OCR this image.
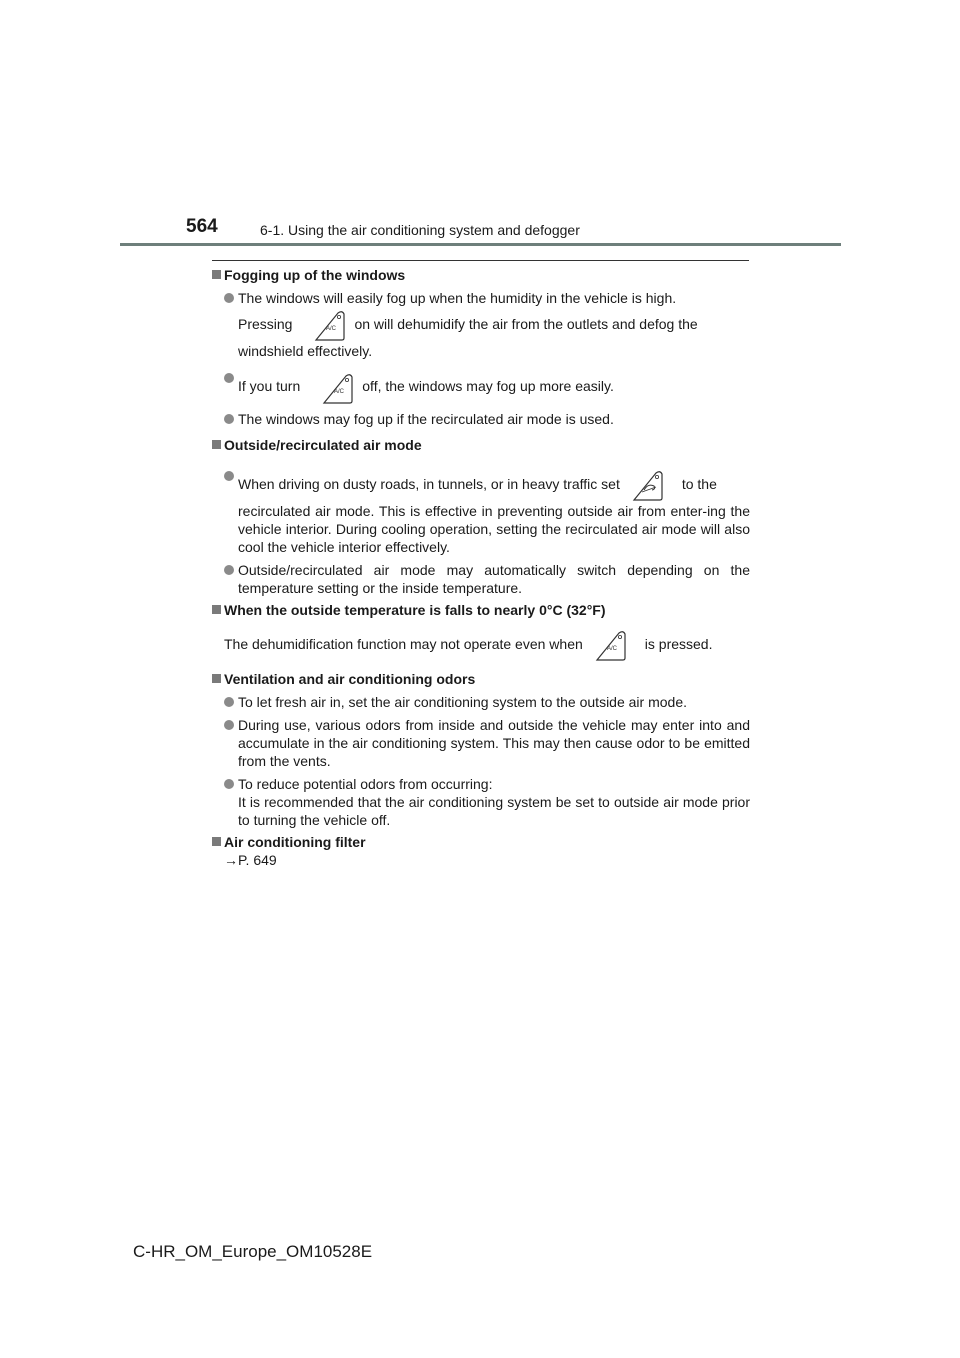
564	6-1. Using the air conditioning system and defogger

Fogging up of the windows

The windows will easily fog up when the humidity in the vehicle is high.
Pressing	A/C on will dehumidify the air from the outlets and defog the
windshield effectively.
If you turn	A/C off, the windows may fog up more easily.
The windows may fog up if the recirculated air mode is used.

Outside/recirculated air mode

When driving on dusty roads, in tunnels, or in heavy traffic set	to the
recirculated air mode. This is effective in preventing outside air from enter-ing the vehicle interior. During cooling operation, setting the recirculated air mode will also cool the vehicle interior effectively.
Outside/recirculated air mode may automatically switch depending on the temperature setting or the inside temperature.

When the outside temperature is falls to nearly 0°C (32°F)

The dehumidification function may not operate even when	A/C is pressed.

Ventilation and air conditioning odors

To let fresh air in, set the air conditioning system to the outside air mode.
During use, various odors from inside and outside the vehicle may enter into and accumulate in the air conditioning system. This may then cause odor to be emitted from the vents.
To reduce potential odors from occurring:
It is recommended that the air conditioning system be set to outside air mode prior to turning the vehicle off.

Air conditioning filter

→P. 649

C-HR_OM_Europe_OM10528E
